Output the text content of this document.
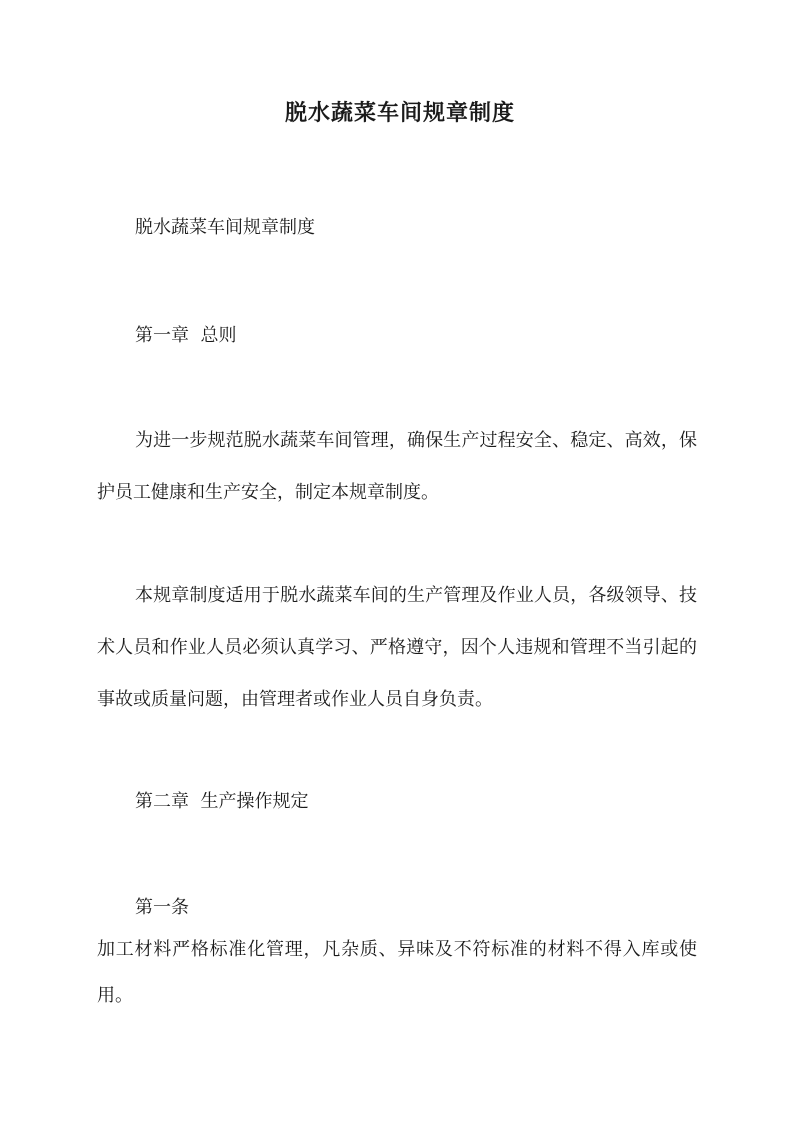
脱水蔬菜车间规章制度
脱水蔬菜车间规章制度
第一章  总则
为进一步规范脱水蔬菜车间管理，确保生产过程安全、稳定、高效，保护员工健康和生产安全，制定本规章制度。
本规章制度适用于脱水蔬菜车间的生产管理及作业人员，各级领导、技术人员和作业人员必须认真学习、严格遵守，因个人违规和管理不当引起的事故或质量问题，由管理者或作业人员自身负责。
第二章  生产操作规定
第一条
加工材料严格标准化管理，凡杂质、异味及不符标准的材料不得入库或使用。
